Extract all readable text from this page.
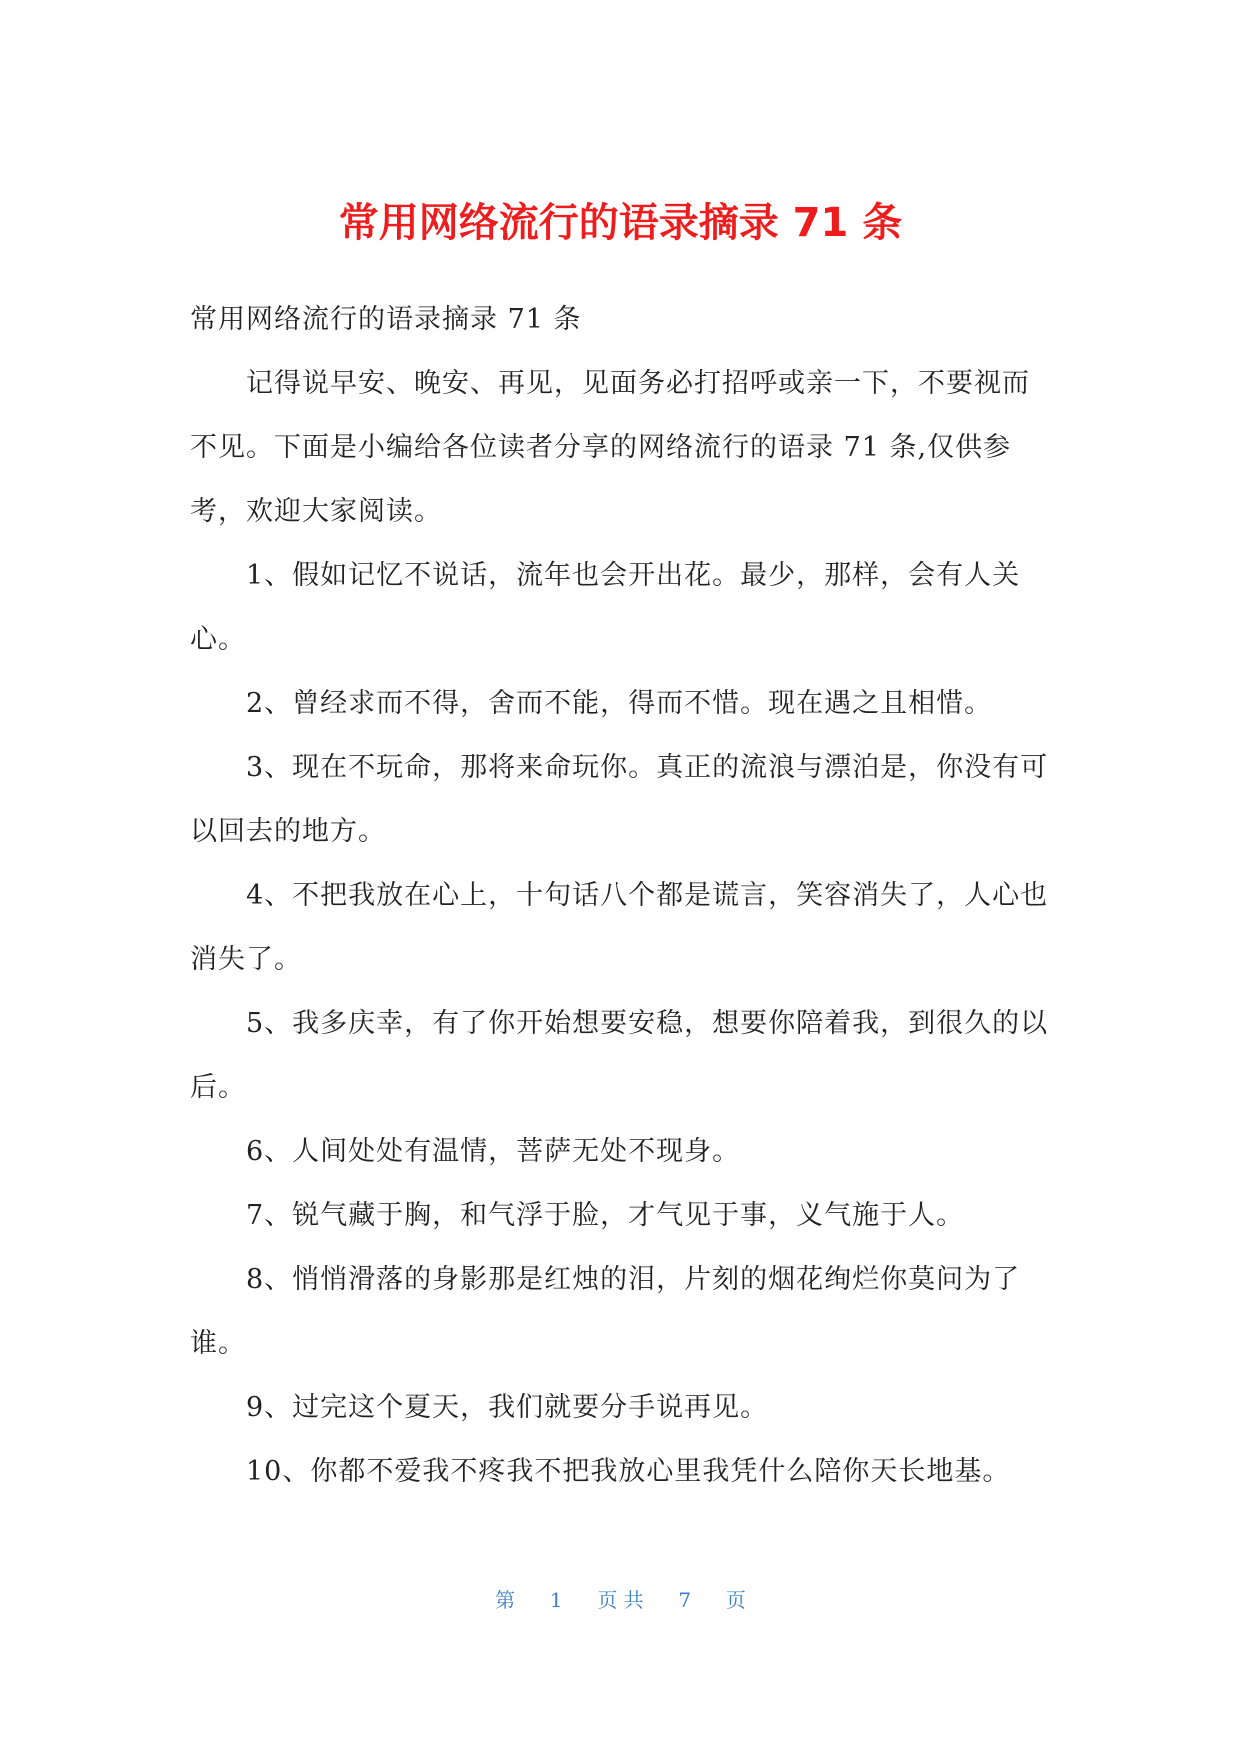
常用网络流行的语录摘录 71 条

常用网络流行的语录摘录 71 条

记得说早安、晚安、再见，见面务必打招呼或亲一下，不要视而不见。下面是小编给各位读者分享的网络流行的语录 71 条,仅供参考，欢迎大家阅读。

1、假如记忆不说话，流年也会开出花。最少，那样，会有人关心。

2、曾经求而不得，舍而不能，得而不惜。现在遇之且相惜。

3、现在不玩命，那将来命玩你。真正的流浪与漂泊是，你没有可以回去的地方。

4、不把我放在心上，十句话八个都是谎言，笑容消失了，人心也消失了。

5、我多庆幸，有了你开始想要安稳，想要你陪着我，到很久的以后。

6、人间处处有温情，菩萨无处不现身。

7、锐气藏于胸，和气浮于脸，才气见于事，义气施于人。

8、悄悄滑落的身影那是红烛的泪，片刻的烟花绚烂你莫问为了谁。

9、过完这个夏天，我们就要分手说再见。

10、你都不爱我不疼我不把我放心里我凭什么陪你天长地基。

第 1 页 共 7 页
